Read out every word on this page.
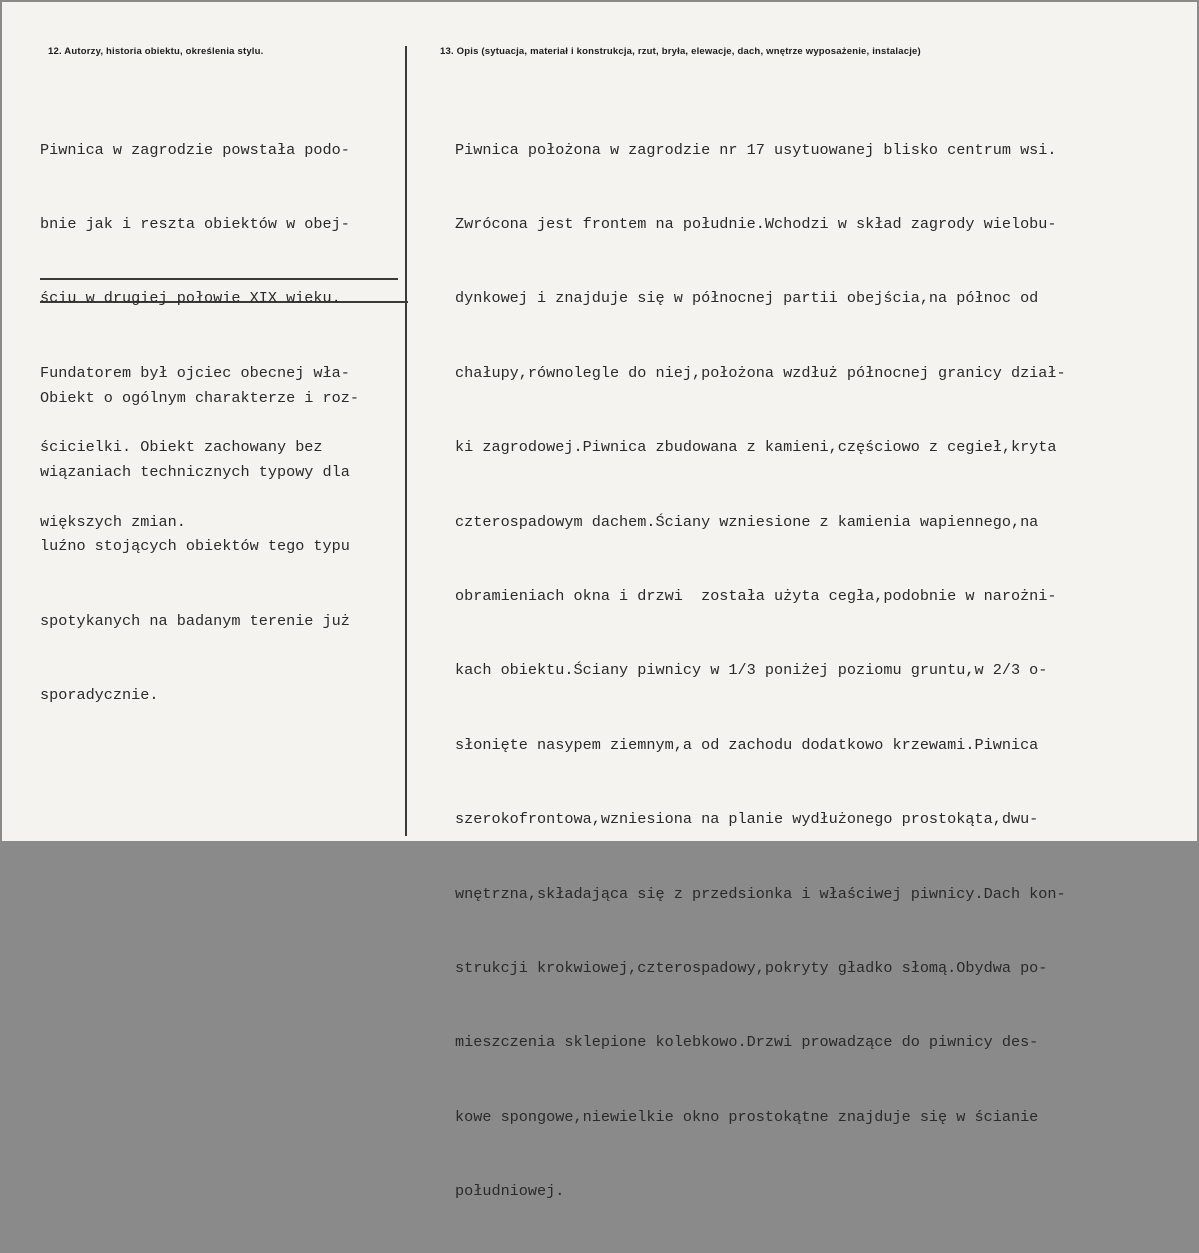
12. Autorzy, historia obiektu, określenia stylu.	13. Opis (sytuacja, materiał i konstrukcja, rzut, bryła, elewacje, dach, wnętrze wyposażenie, instalacje)

Piwnica w zagrodzie powstała podo-

bnie jak i reszta obiektów w obej-

ściu w drugiej połowie XIX wieku.

Fundatorem był ojciec obecnej wła-

ścicielki. Obiekt zachowany bez

większych zmian.

Obiekt o ogólnym charakterze i roz-

wiązaniach technicznych typowy dla

luźno stojących obiektów tego typu

spotykanych na badanym terenie już

sporadycznie.

Piwnica położona w zagrodzie nr 17 usytuowanej blisko centrum wsi.

Zwrócona jest frontem na południe.Wchodzi w skład zagrody wielobu-

dynkowej i znajduje się w północnej partii obejścia,na północ od

chałupy,równolegle do niej,położona wzdłuż północnej granicy dział-

ki zagrodowej.Piwnica zbudowana z kamieni,częściowo z cegieł,kryta

czterospadowym dachem.Ściany wzniesione z kamienia wapiennego,na

obramieniach okna i drzwi  została użyta cegła,podobnie w narożni-

kach obiektu.Ściany piwnicy w 1/3 poniżej poziomu gruntu,w 2/3 o-

słonięte nasypem ziemnym,a od zachodu dodatkowo krzewami.Piwnica

szerokofrontowa,wzniesiona na planie wydłużonego prostokąta,dwu-

wnętrzna,składająca się z przedsionka i właściwej piwnicy.Dach kon-

strukcji krokwiowej,czterospadowy,pokryty gładko słomą.Obydwa po-

mieszczenia sklepione kolebkowo.Drzwi prowadzące do piwnicy des-

kowe spongowe,niewielkie okno prostokątne znajduje się w ścianie

południowej.
